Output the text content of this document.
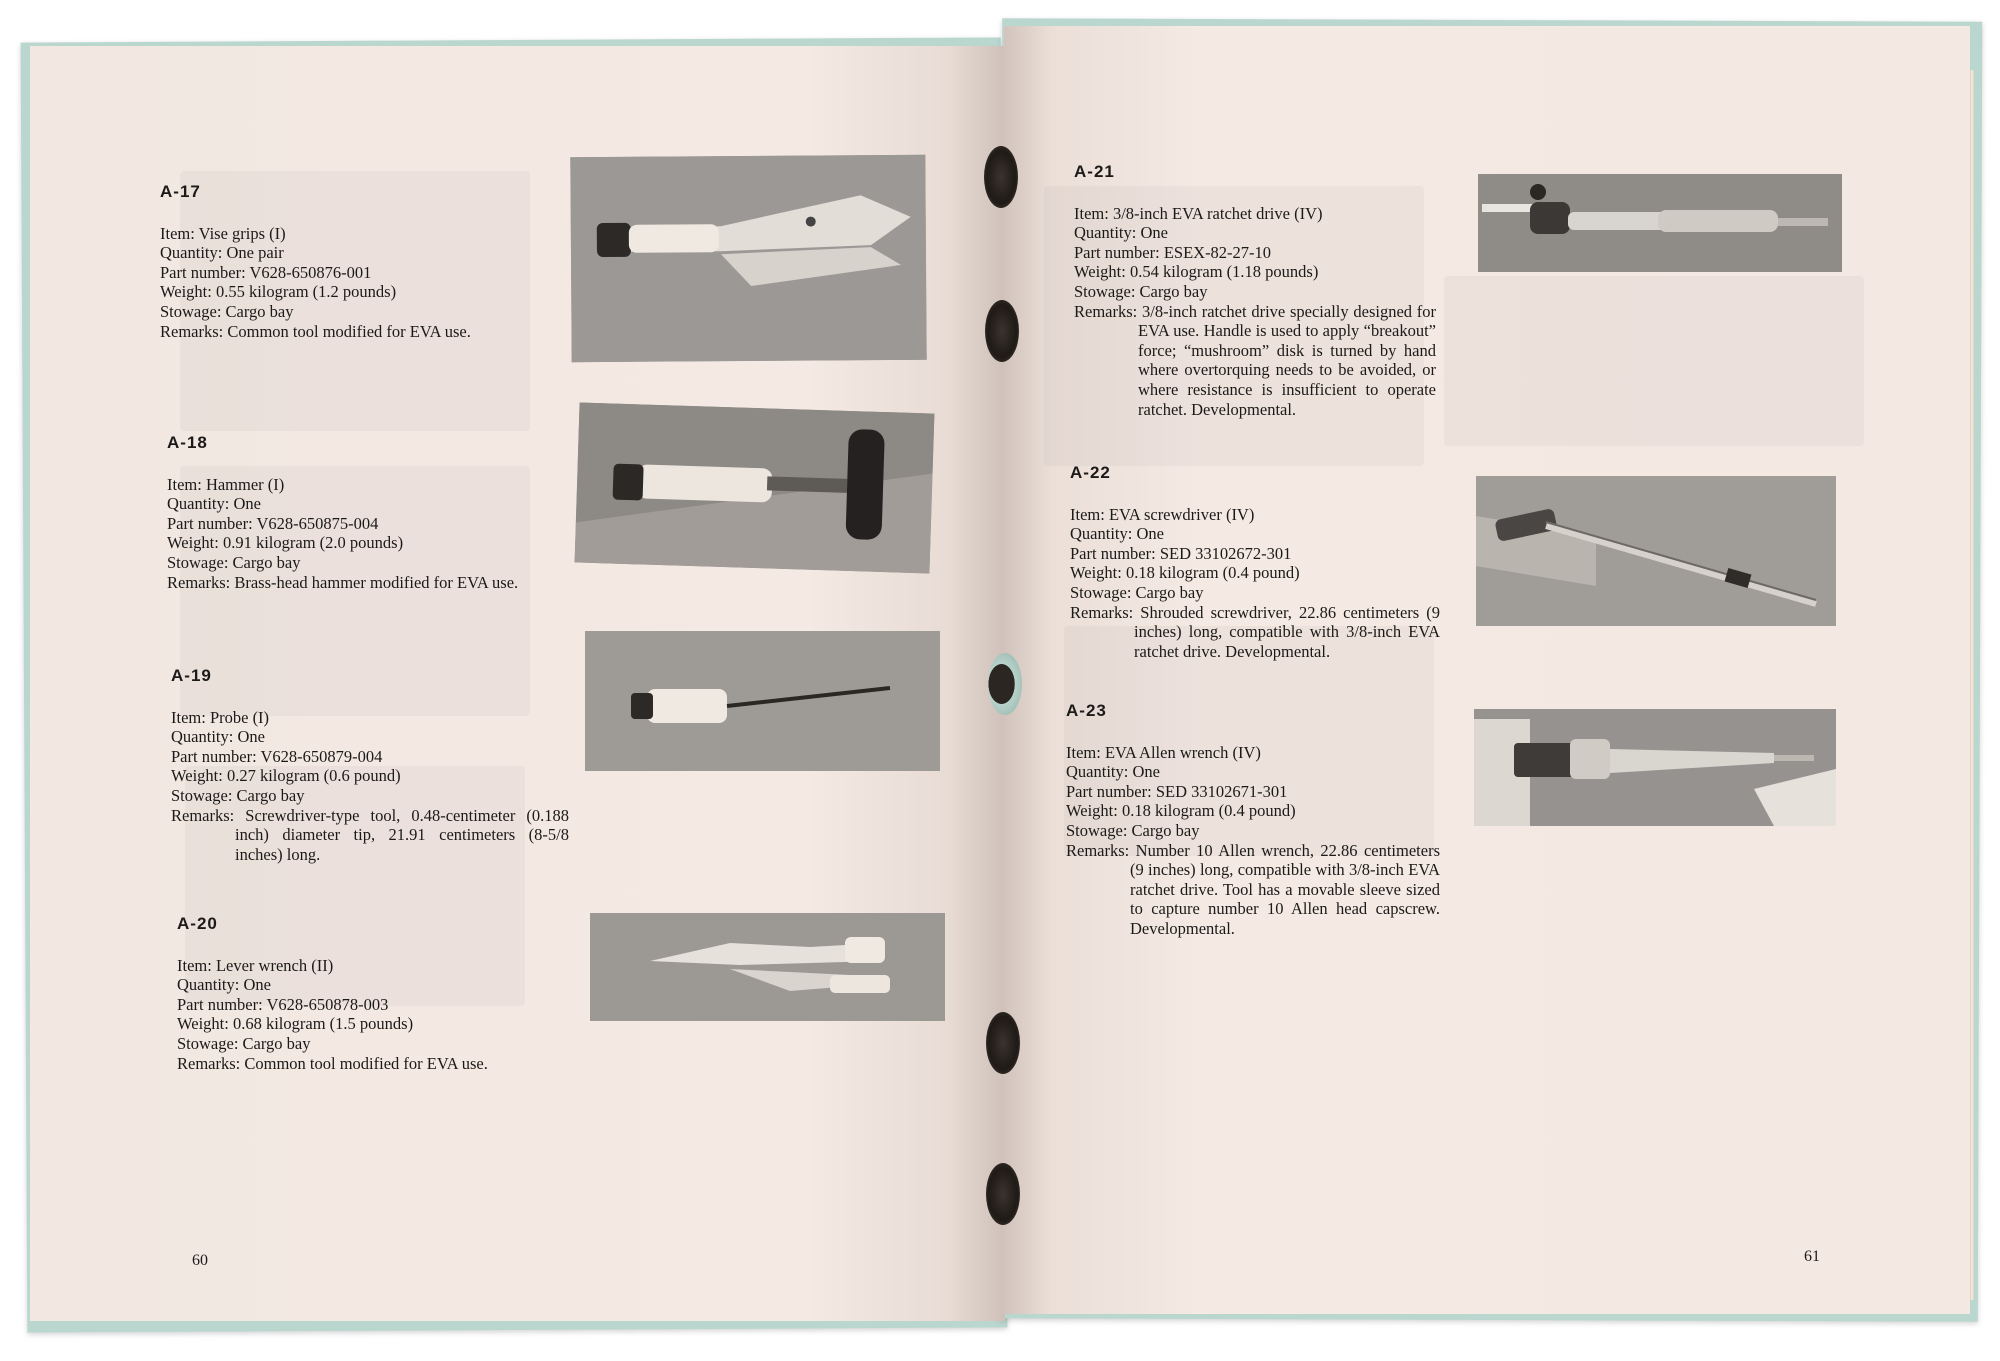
A-17
Item: Vise grips (I)
Quantity: One pair
Part number: V628-650876-001
Weight: 0.55 kilogram (1.2 pounds)
Stowage: Cargo bay
Remarks: Common tool modified for EVA use.
A-18
Item: Hammer (I)
Quantity: One
Part number: V628-650875-004
Weight: 0.91 kilogram (2.0 pounds)
Stowage: Cargo bay
Remarks: Brass-head hammer modified for EVA use.
A-19
Item: Probe (I)
Quantity: One
Part number: V628-650879-004
Weight: 0.27 kilogram (0.6 pound)
Stowage: Cargo bay
Remarks: Screwdriver-type tool, 0.48-centimeter (0.188 inch) diameter tip, 21.91 centimeters (8-5/8 inches) long.
A-20
Item: Lever wrench (II)
Quantity: One
Part number: V628-650878-003
Weight: 0.68 kilogram (1.5 pounds)
Stowage: Cargo bay
Remarks: Common tool modified for EVA use.
60
A-21
Item: 3/8-inch EVA ratchet drive (IV)
Quantity: One
Part number: ESEX-82-27-10
Weight: 0.54 kilogram (1.18 pounds)
Stowage: Cargo bay
Remarks: 3/8-inch ratchet drive specially designed for EVA use. Handle is used to apply “breakout” force; “mushroom” disk is turned by hand where overtorquing needs to be avoided, or where resistance is insufficient to operate ratchet. Developmental.
A-22
Item: EVA screwdriver (IV)
Quantity: One
Part number: SED 33102672-301
Weight: 0.18 kilogram (0.4 pound)
Stowage: Cargo bay
Remarks: Shrouded screwdriver, 22.86 centimeters (9 inches) long, compatible with 3/8-inch EVA ratchet drive. Developmental.
A-23
Item: EVA Allen wrench (IV)
Quantity: One
Part number: SED 33102671-301
Weight: 0.18 kilogram (0.4 pound)
Stowage: Cargo bay
Remarks: Number 10 Allen wrench, 22.86 centimeters (9 inches) long, compatible with 3/8-inch EVA ratchet drive. Tool has a movable sleeve sized to capture number 10 Allen head capscrew. Developmental.
61
